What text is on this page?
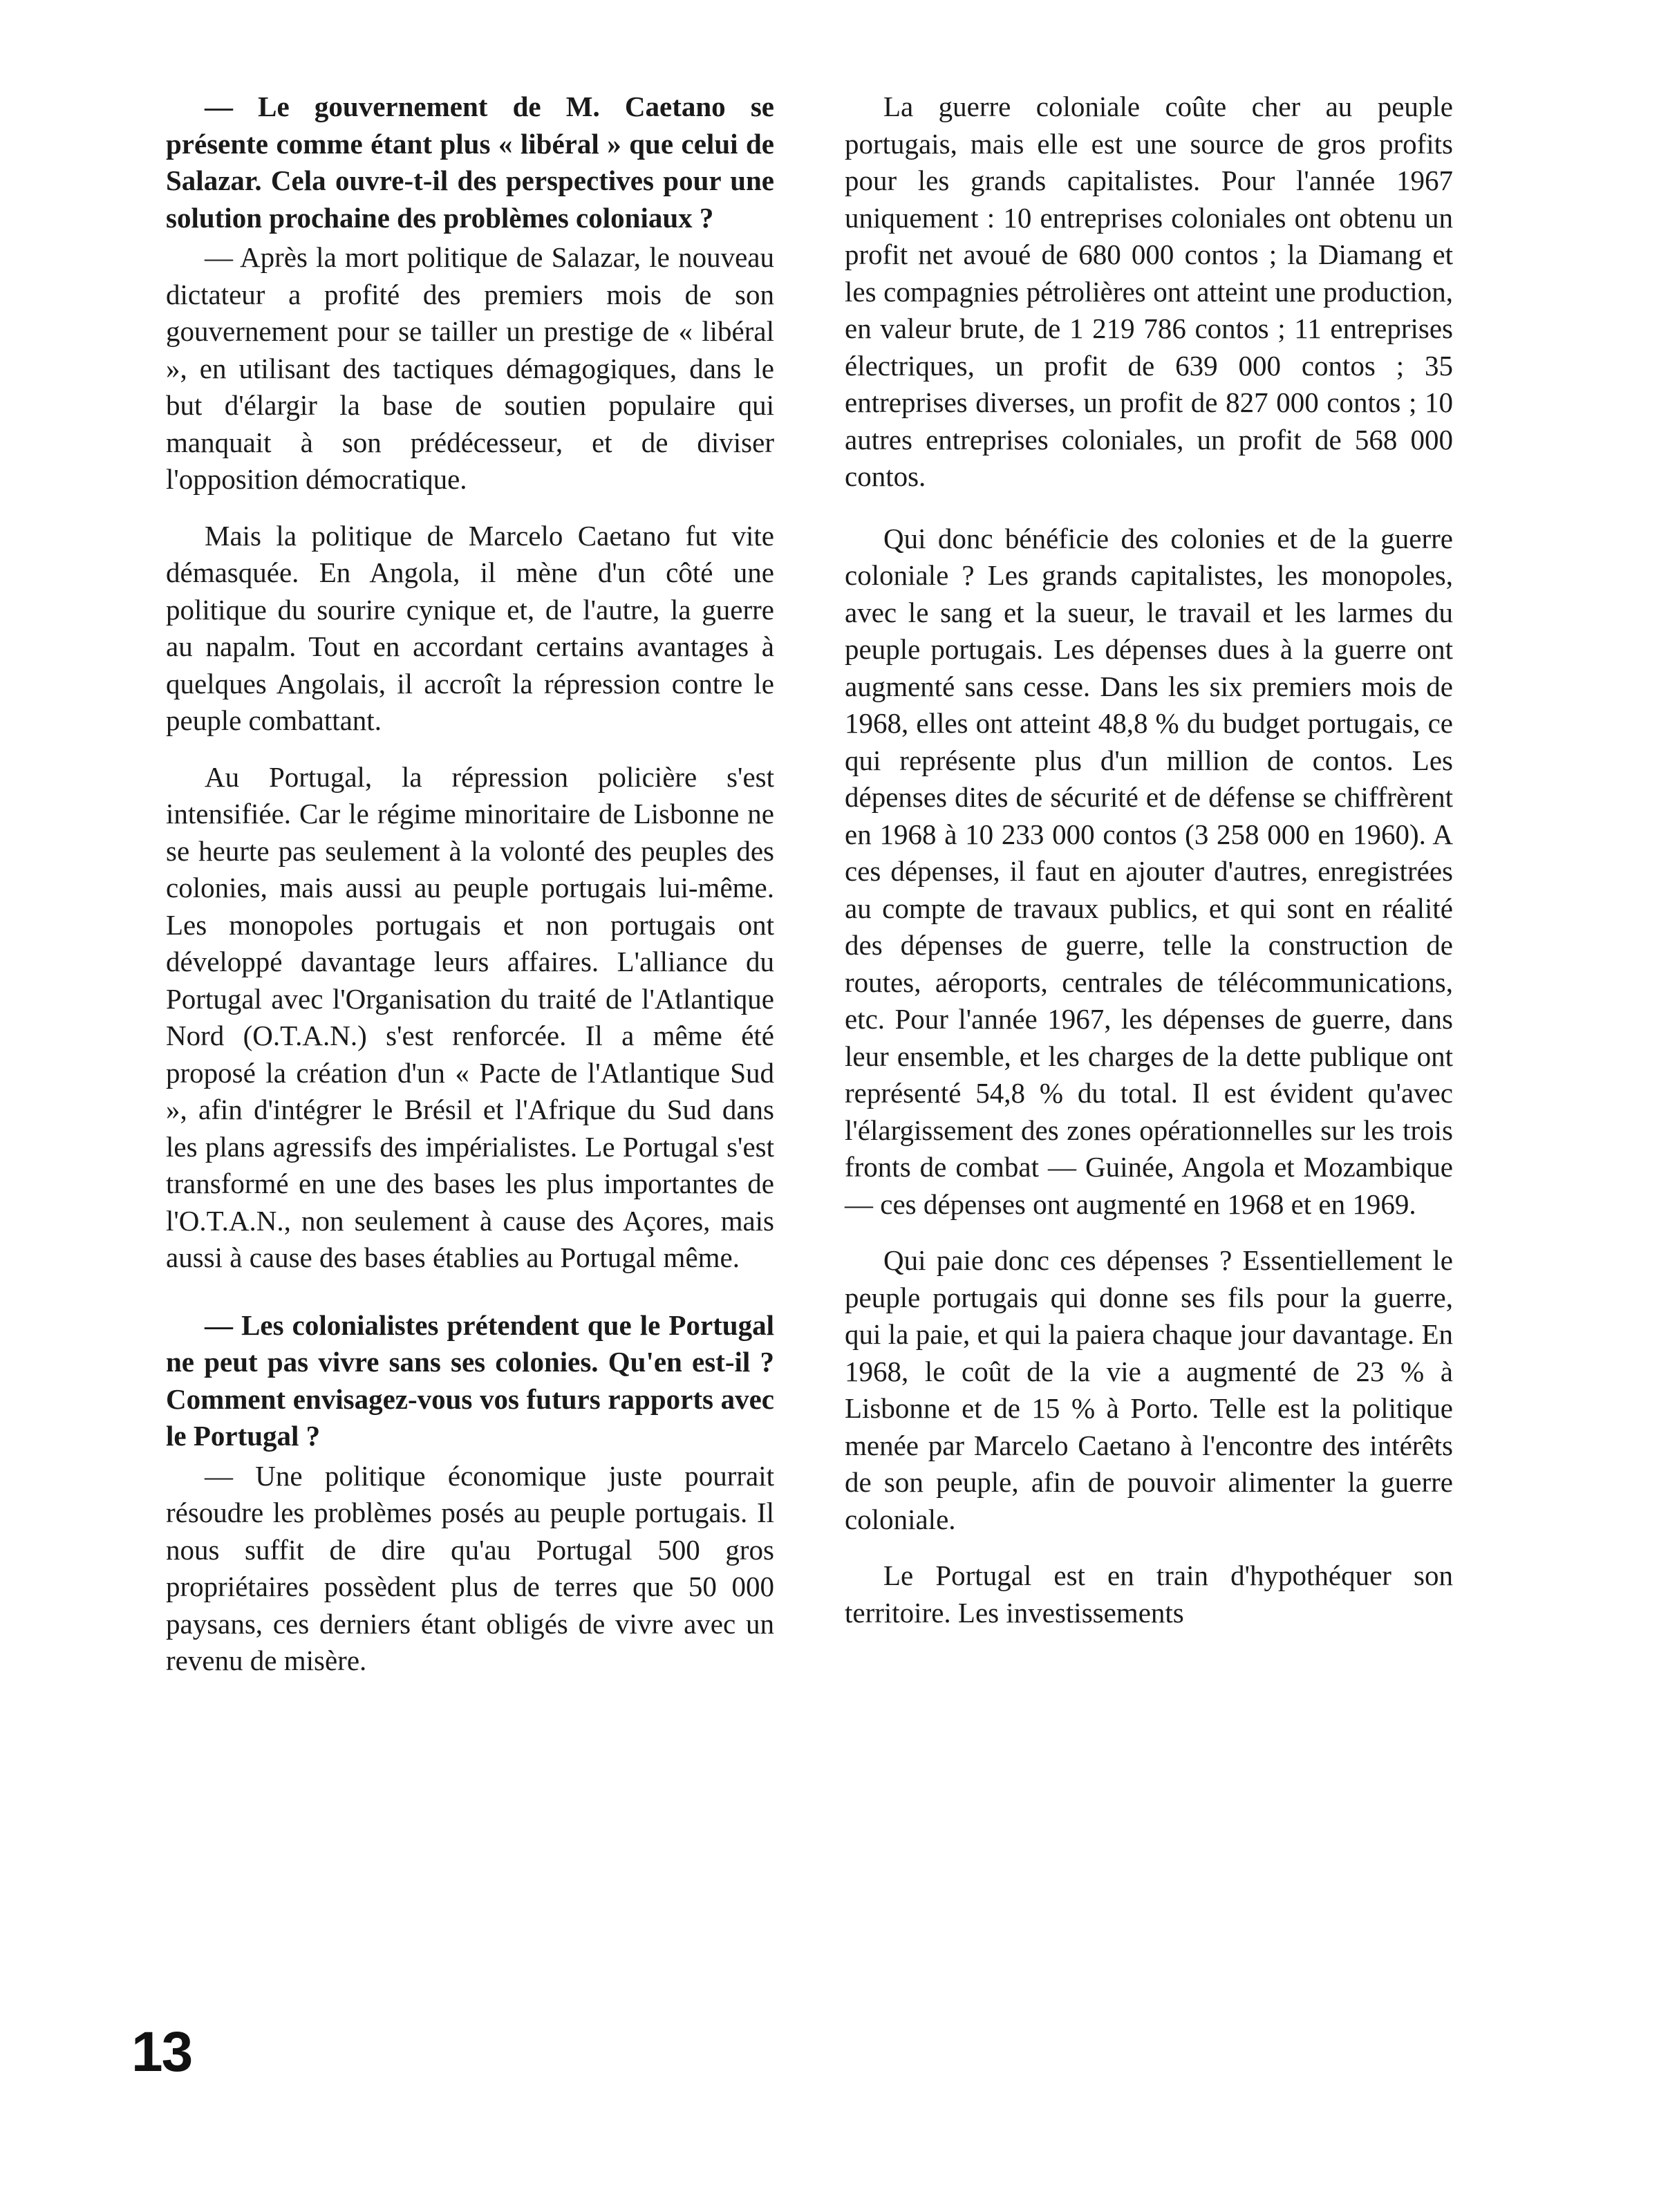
— Le gouvernement de M. Caetano se présente comme étant plus « libéral » que celui de Salazar. Cela ouvre-t-il des perspectives pour une solution prochaine des problèmes coloniaux ?

— Après la mort politique de Salazar, le nouveau dictateur a profité des premiers mois de son gouvernement pour se tailler un prestige de « libéral », en utilisant des tactiques démagogiques, dans le but d'élargir la base de soutien populaire qui manquait à son prédécesseur, et de diviser l'opposition démocratique.

Mais la politique de Marcelo Caetano fut vite démasquée. En Angola, il mène d'un côté une politique du sourire cynique et, de l'autre, la guerre au napalm. Tout en accordant certains avantages à quelques Angolais, il accroît la répression contre le peuple combattant.

Au Portugal, la répression policière s'est intensifiée. Car le régime minoritaire de Lisbonne ne se heurte pas seulement à la volonté des peuples des colonies, mais aussi au peuple portugais lui-même. Les monopoles portugais et non portugais ont développé davantage leurs affaires. L'alliance du Portugal avec l'Organisation du traité de l'Atlantique Nord (O.T.A.N.) s'est renforcée. Il a même été proposé la création d'un « Pacte de l'Atlantique Sud », afin d'intégrer le Brésil et l'Afrique du Sud dans les plans agressifs des impérialistes. Le Portugal s'est transformé en une des bases les plus importantes de l'O.T.A.N., non seulement à cause des Açores, mais aussi à cause des bases établies au Portugal même.

— Les colonialistes prétendent que le Portugal ne peut pas vivre sans ses colonies. Qu'en est-il ? Comment envisagez-vous vos futurs rapports avec le Portugal ?

— Une politique économique juste pourrait résoudre les problèmes posés au peuple portugais. Il nous suffit de dire qu'au Portugal 500 gros propriétaires possèdent plus de terres que 50 000 paysans, ces derniers étant obligés de vivre avec un revenu de misère.

La guerre coloniale coûte cher au peuple portugais, mais elle est une source de gros profits pour les grands capitalistes. Pour l'année 1967 uniquement : 10 entreprises coloniales ont obtenu un profit net avoué de 680 000 contos ; la Diamang et les compagnies pétrolières ont atteint une production, en valeur brute, de 1 219 786 contos ; 11 entreprises électriques, un profit de 639 000 contos ; 35 entreprises diverses, un profit de 827 000 contos ; 10 autres entreprises coloniales, un profit de 568 000 contos.

Qui donc bénéficie des colonies et de la guerre coloniale ? Les grands capitalistes, les monopoles, avec le sang et la sueur, le travail et les larmes du peuple portugais. Les dépenses dues à la guerre ont augmenté sans cesse. Dans les six premiers mois de 1968, elles ont atteint 48,8 % du budget portugais, ce qui représente plus d'un million de contos. Les dépenses dites de sécurité et de défense se chiffrèrent en 1968 à 10 233 000 contos (3 258 000 en 1960). A ces dépenses, il faut en ajouter d'autres, enregistrées au compte de travaux publics, et qui sont en réalité des dépenses de guerre, telle la construction de routes, aéroports, centrales de télécommunications, etc. Pour l'année 1967, les dépenses de guerre, dans leur ensemble, et les charges de la dette publique ont représenté 54,8 % du total. Il est évident qu'avec l'élargissement des zones opérationnelles sur les trois fronts de combat — Guinée, Angola et Mozambique — ces dépenses ont augmenté en 1968 et en 1969.

Qui paie donc ces dépenses ? Essentiellement le peuple portugais qui donne ses fils pour la guerre, qui la paie, et qui la paiera chaque jour davantage. En 1968, le coût de la vie a augmenté de 23 % à Lisbonne et de 15 % à Porto. Telle est la politique menée par Marcelo Caetano à l'encontre des intérêts de son peuple, afin de pouvoir alimenter la guerre coloniale.

Le Portugal est en train d'hypothéquer son territoire. Les investissements

13
